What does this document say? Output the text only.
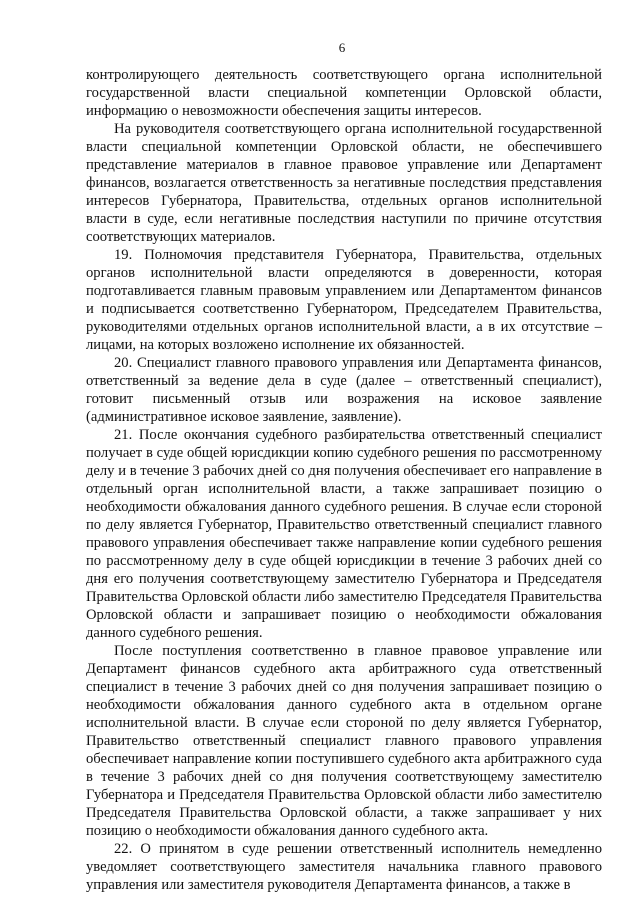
6

контролирующего деятельность соответствующего органа исполнительной государственной власти специальной компетенции Орловской области, информацию о невозможности обеспечения защиты интересов.

На руководителя соответствующего органа исполнительной государственной власти специальной компетенции Орловской области, не обеспечившего представление материалов в главное правовое управление или Департамент финансов, возлагается ответственность за негативные последствия представления интересов Губернатора, Правительства, отдельных органов исполнительной власти в суде, если негативные последствия наступили по причине отсутствия соответствующих материалов.

19. Полномочия представителя Губернатора, Правительства, отдельных органов исполнительной власти определяются в доверенности, которая подготавливается главным правовым управлением или Департаментом финансов и подписывается соответственно Губернатором, Председателем Правительства, руководителями отдельных органов исполнительной власти, а в их отсутствие – лицами, на которых возложено исполнение их обязанностей.

20. Специалист главного правового управления или Департамента финансов, ответственный за ведение дела в суде (далее – ответственный специалист), готовит письменный отзыв или возражения на исковое заявление (административное исковое заявление, заявление).

21. После окончания судебного разбирательства ответственный специалист получает в суде общей юрисдикции копию судебного решения по рассмотренному делу и в течение 3 рабочих дней со дня получения обеспечивает его направление в отдельный орган исполнительной власти, а также запрашивает позицию о необходимости обжалования данного судебного решения. В случае если стороной по делу является Губернатор, Правительство ответственный специалист главного правового управления обеспечивает также направление копии судебного решения по рассмотренному делу в суде общей юрисдикции в течение 3 рабочих дней со дня его получения соответствующему заместителю Губернатора и Председателя Правительства Орловской области либо заместителю Председателя Правительства Орловской области и запрашивает позицию о необходимости обжалования данного судебного решения.

После поступления соответственно в главное правовое управление или Департамент финансов судебного акта арбитражного суда ответственный специалист в течение 3 рабочих дней со дня получения запрашивает позицию о необходимости обжалования данного судебного акта в отдельном органе исполнительной власти. В случае если стороной по делу является Губернатор, Правительство ответственный специалист главного правового управления обеспечивает направление копии поступившего судебного акта арбитражного суда в течение 3 рабочих дней со дня получения соответствующему заместителю Губернатора и Председателя Правительства Орловской области либо заместителю Председателя Правительства Орловской области, а также запрашивает у них позицию о необходимости обжалования данного судебного акта.

22. О принятом в суде решении ответственный исполнитель немедленно уведомляет соответствующего заместителя начальника главного правового управления или заместителя руководителя Департамента финансов, а также в
